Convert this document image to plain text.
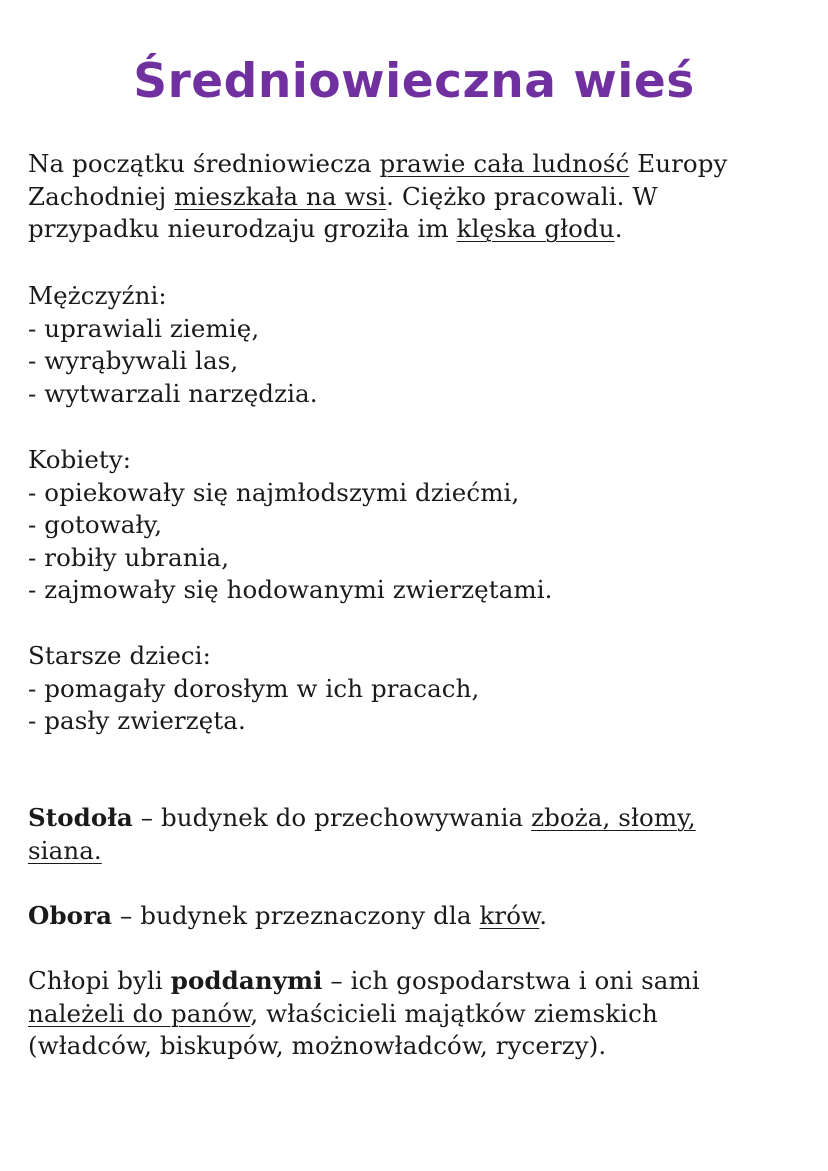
Średniowieczna wieś
Na początku średniowiecza prawie cała ludność Europy
Zachodniej mieszkała na wsi. Ciężko pracowali. W
przypadku nieurodzaju groziła im klęska głodu.
Mężczyźni:
- uprawiali ziemię,
- wyrąbywali las,
- wytwarzali narzędzia.
Kobiety:
- opiekowały się najmłodszymi dziećmi,
- gotowały,
- robiły ubrania,
- zajmowały się hodowanymi zwierzętami.
Starsze dzieci:
- pomagały dorosłym w ich pracach,
- pasły zwierzęta.
Stodoła – budynek do przechowywania zboża, słomy,
siana.
Obora – budynek przeznaczony dla krów.
Chłopi byli poddanymi – ich gospodarstwa i oni sami
należeli do panów, właścicieli majątków ziemskich
(władców, biskupów, możnowładców, rycerzy).
